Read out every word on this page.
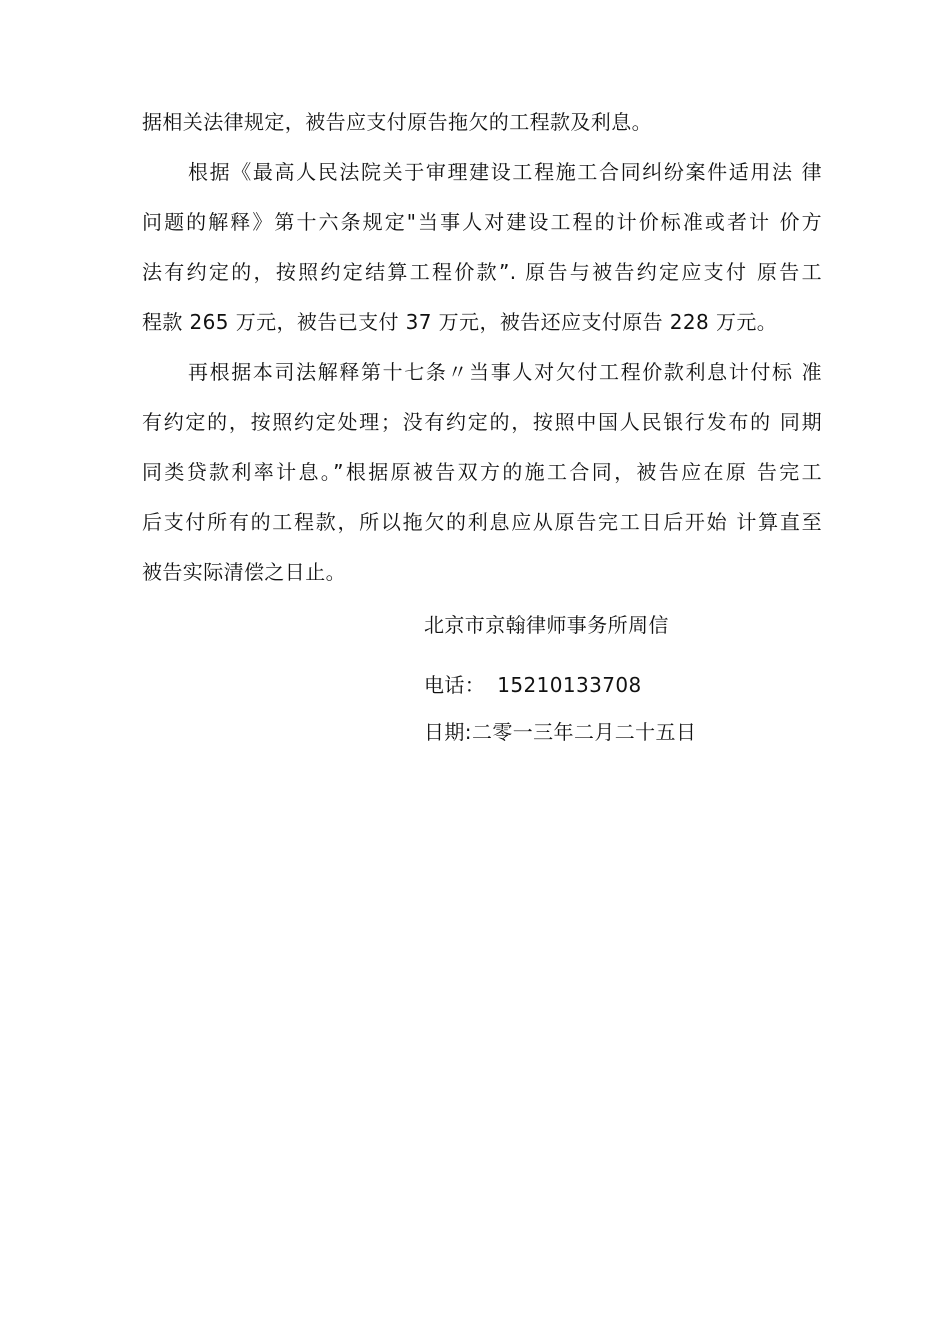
据相关法律规定，被告应支付原告拖欠的工程款及利息。
根据《最高人民法院关于审理建设工程施工合同纠纷案件适用法 律
问题的解释》第十六条规定"当事人对建设工程的计价标准或者计 价方
法有约定的，按照约定结算工程价款”. 原告与被告约定应支付 原告工
程款 265 万元，被告已支付 37 万元，被告还应支付原告 228 万元。
再根据本司法解释第十七条〃当事人对欠付工程价款利息计付标 准
有约定的，按照约定处理；没有约定的，按照中国人民银行发布的 同期
同类贷款利率计息。”根据原被告双方的施工合同，被告应在原 告完工
后支付所有的工程款，所以拖欠的利息应从原告完工日后开始 计算直至
被告实际清偿之日止。
北京市京翰律师事务所周信
电话： 15210133708
日期:二零一三年二月二十五日
